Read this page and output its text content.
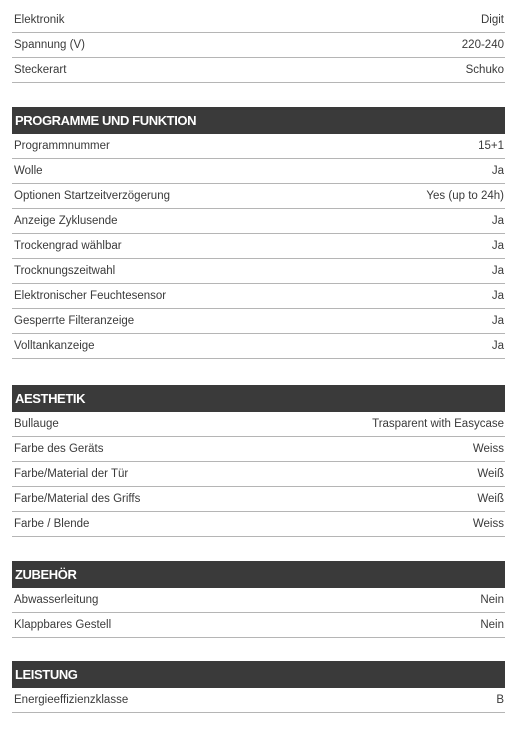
Elektronik	Digit
Spannung (V)	220-240
Steckerart	Schuko
PROGRAMME UND FUNKTION
Programmnummer	15+1
Wolle	Ja
Optionen Startzeitverzögerung	Yes (up to 24h)
Anzeige Zyklusende	Ja
Trockengrad wählbar	Ja
Trocknungszeitwahl	Ja
Elektronischer Feuchtesensor	Ja
Gesperrte Filteranzeige	Ja
Volltankanzeige	Ja
AESTHETIK
Bullauge	Trasparent with Easycase
Farbe des Geräts	Weiss
Farbe/Material der Tür	Weiß
Farbe/Material des Griffs	Weiß
Farbe / Blende	Weiss
ZUBEHÖR
Abwasserleitung	Nein
Klappbares Gestell	Nein
LEISTUNG
Energieeffizienzklasse	B
